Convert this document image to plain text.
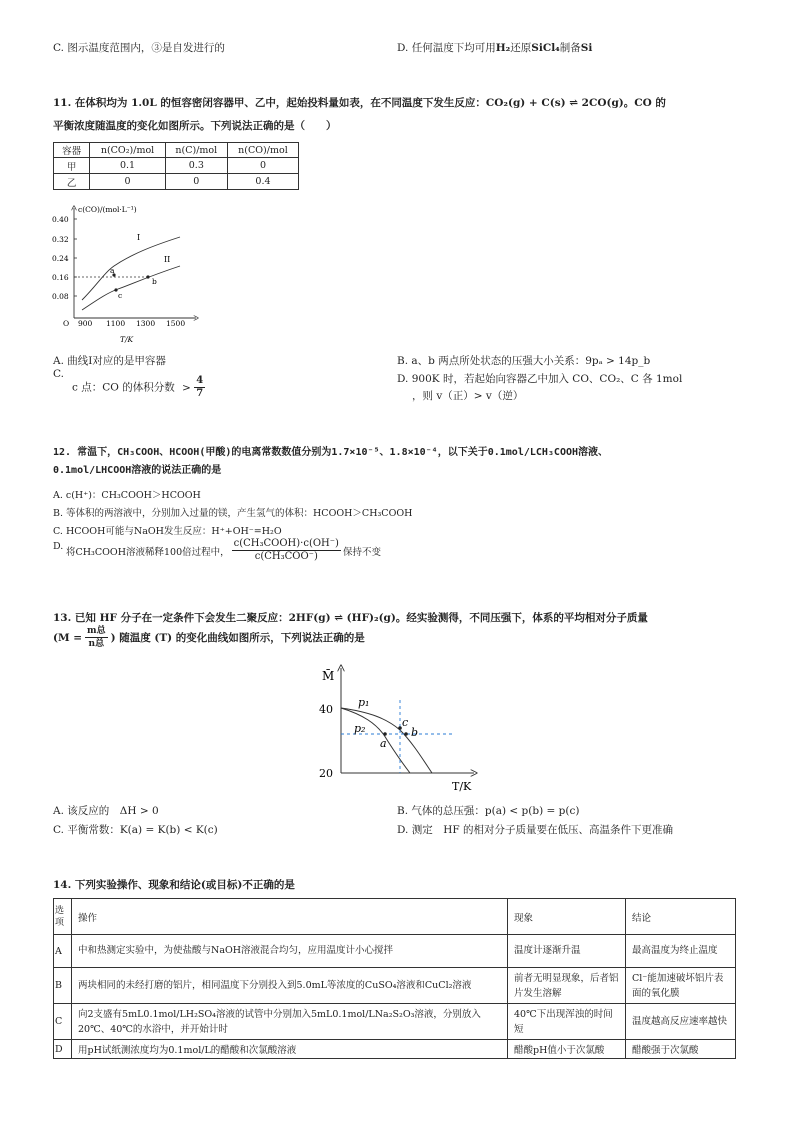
C. 图示温度范围内，③是自发进行的	D. 任何温度下均可用H₂还原SiCl₄制备Si
11. 在体积均为 1.0L 的恒容密闭容器甲、乙中，起始投料量如表，在不同温度下发生反应：CO₂(g) + C(s) ⇌ 2CO(g)。CO 的
平衡浓度随温度的变化如图所示。下列说法正确的是（　　）
容器	n(CO₂)/mol	n(C)/mol	n(CO)/mol
甲	0.1	0.3	0
乙	0	0	0.4
c(CO)/(mol·L⁻¹)
0.40
0.32
0.24
0.16
0.08
O 900 1100 1300 1500
T/K
I
II
a
b
c
A. 曲线Ⅰ对应的是甲容器	B. a、b 两点所处状态的压强大小关系：9pₐ > 14p_b
C.
c 点：CO 的体积分数 > $\frac{4}{7}$	D. 900K 时，若起始向容器乙中加入 CO、CO₂、C 各 1mol
，则 v（正）> v（逆）
12. 常温下，CH₃COOH、HCOOH(甲酸)的电离常数数值分别为1.7×10⁻⁵、1.8×10⁻⁴，以下关于0.1mol/LCH₃COOH溶液、
0.1mol/LHCOOH溶液的说法正确的是
A. c(H⁺)：CH₃COOH＞HCOOH
B. 等体积的两溶液中，分别加入过量的镁，产生氢气的体积：HCOOH＞CH₃COOH
C. HCOOH可能与NaOH发生反应：H⁺+OH⁻=H₂O
D. 将CH₃COOH溶液稀释100倍过程中， $\frac{\text{c(CH₃COOH)·c(OH⁻)}}{\text{c(CH₃COO⁻)}}$ 保持不变
13. 已知 HF 分子在一定条件下会发生二聚反应：2HF(g) ⇌ (HF)₂(g)。经实验测得，不同压强下，体系的平均相对分子质量
($M = \frac{\text{m总}}{\text{n总}}$ ) 随温度 (T) 的变化曲线如图所示，下列说法正确的是
M̄
40
20
p₁
p₂
a
b
c
T/K
A. 该反应的　ΔH > 0	B. 气体的总压强：p(a) < p(b) = p(c)
C. 平衡常数：K(a) = K(b) < K(c)	D. 测定　HF 的相对分子质量要在低压、高温条件下更准确
14. 下列实验操作、现象和结论(或目标)不正确的是
选项	操作	现象	结论
A	中和热测定实验中，为使盐酸与NaOH溶液混合均匀，应用温度计小心搅拌	温度计逐渐升温	最高温度为终止温度
B	两块相同的未经打磨的铝片，相同温度下分别投入到5.0mL等浓度的CuSO₄溶液和CuCl₂溶液	前者无明显现象，后者铝片发生溶解	Cl⁻能加速破坏铝片表面的氧化膜
C	向2支盛有5mL0.1mol/LH₂SO₄溶液的试管中分别加入5mL0.1mol/LNa₂S₂O₃溶液，分别放入20℃、40℃的水浴中，并开始计时	40℃下出现浑浊的时间短	温度越高反应速率越快
D	用pH试纸测浓度均为0.1mol/L的醋酸和次氯酸溶液	醋酸pH值小于次氯酸	醋酸强于次氯酸
